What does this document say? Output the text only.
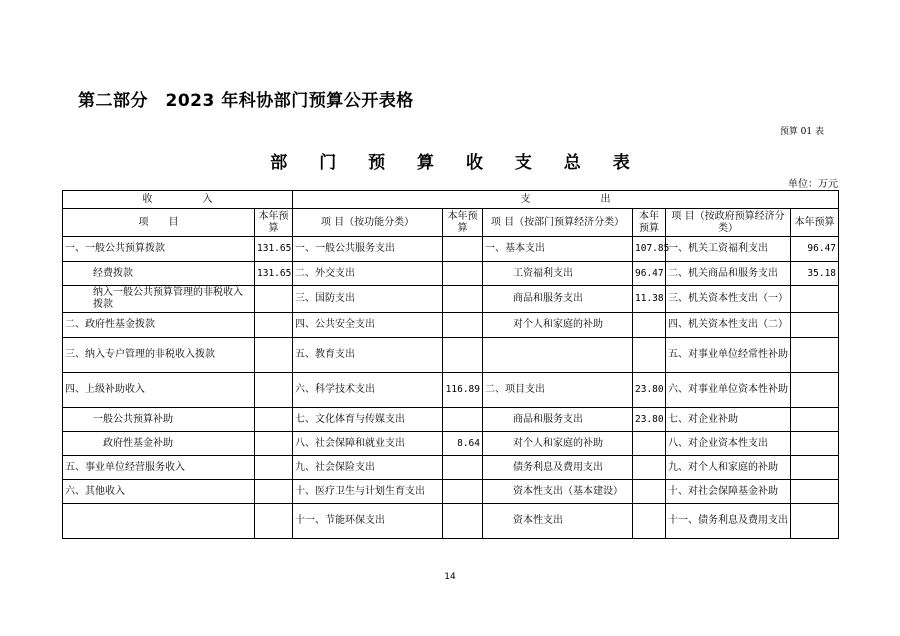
第二部分　2023 年科协部门预算公开表格
预算 01 表
部 门 预 算 收 支 总 表
单位：万元
收　　　　　入		支　　　　　　　出					
项　　目	本年预算	项 目（按功能分类）	本年预算	项 目（按部门预算经济分类）	本年预算	项 目（按政府预算经济分类）	本年预算
一、一般公共预算拨款	131.65	一、一般公共服务支出		一、基本支出	107.85	一、机关工资福利支出	96.47
经费拨款	131.65	二、外交支出		工资福利支出	96.47	二、机关商品和服务支出	35.18
纳入一般公共预算管理的非税收入拨款		三、国防支出		商品和服务支出	11.38	三、机关资本性支出（一）	
二、政府性基金拨款		四、公共安全支出		对个人和家庭的补助		四、机关资本性支出（二）	
三、纳入专户管理的非税收入拨款		五、教育支出				五、对事业单位经常性补助	
四、上级补助收入		六、科学技术支出	116.89	二、项目支出	23.80	六、对事业单位资本性补助	
一般公共预算补助		七、文化体育与传媒支出		商品和服务支出	23.80	七、对企业补助	
政府性基金补助		八、社会保障和就业支出	8.64	对个人和家庭的补助		八、对企业资本性支出	
五、事业单位经营服务收入		九、社会保险支出		债务利息及费用支出		九、对个人和家庭的补助	
六、其他收入		十、医疗卫生与计划生育支出		资本性支出（基本建设）		十、对社会保障基金补助	
		十一、节能环保支出		资本性支出		十一、债务利息及费用支出	
14
